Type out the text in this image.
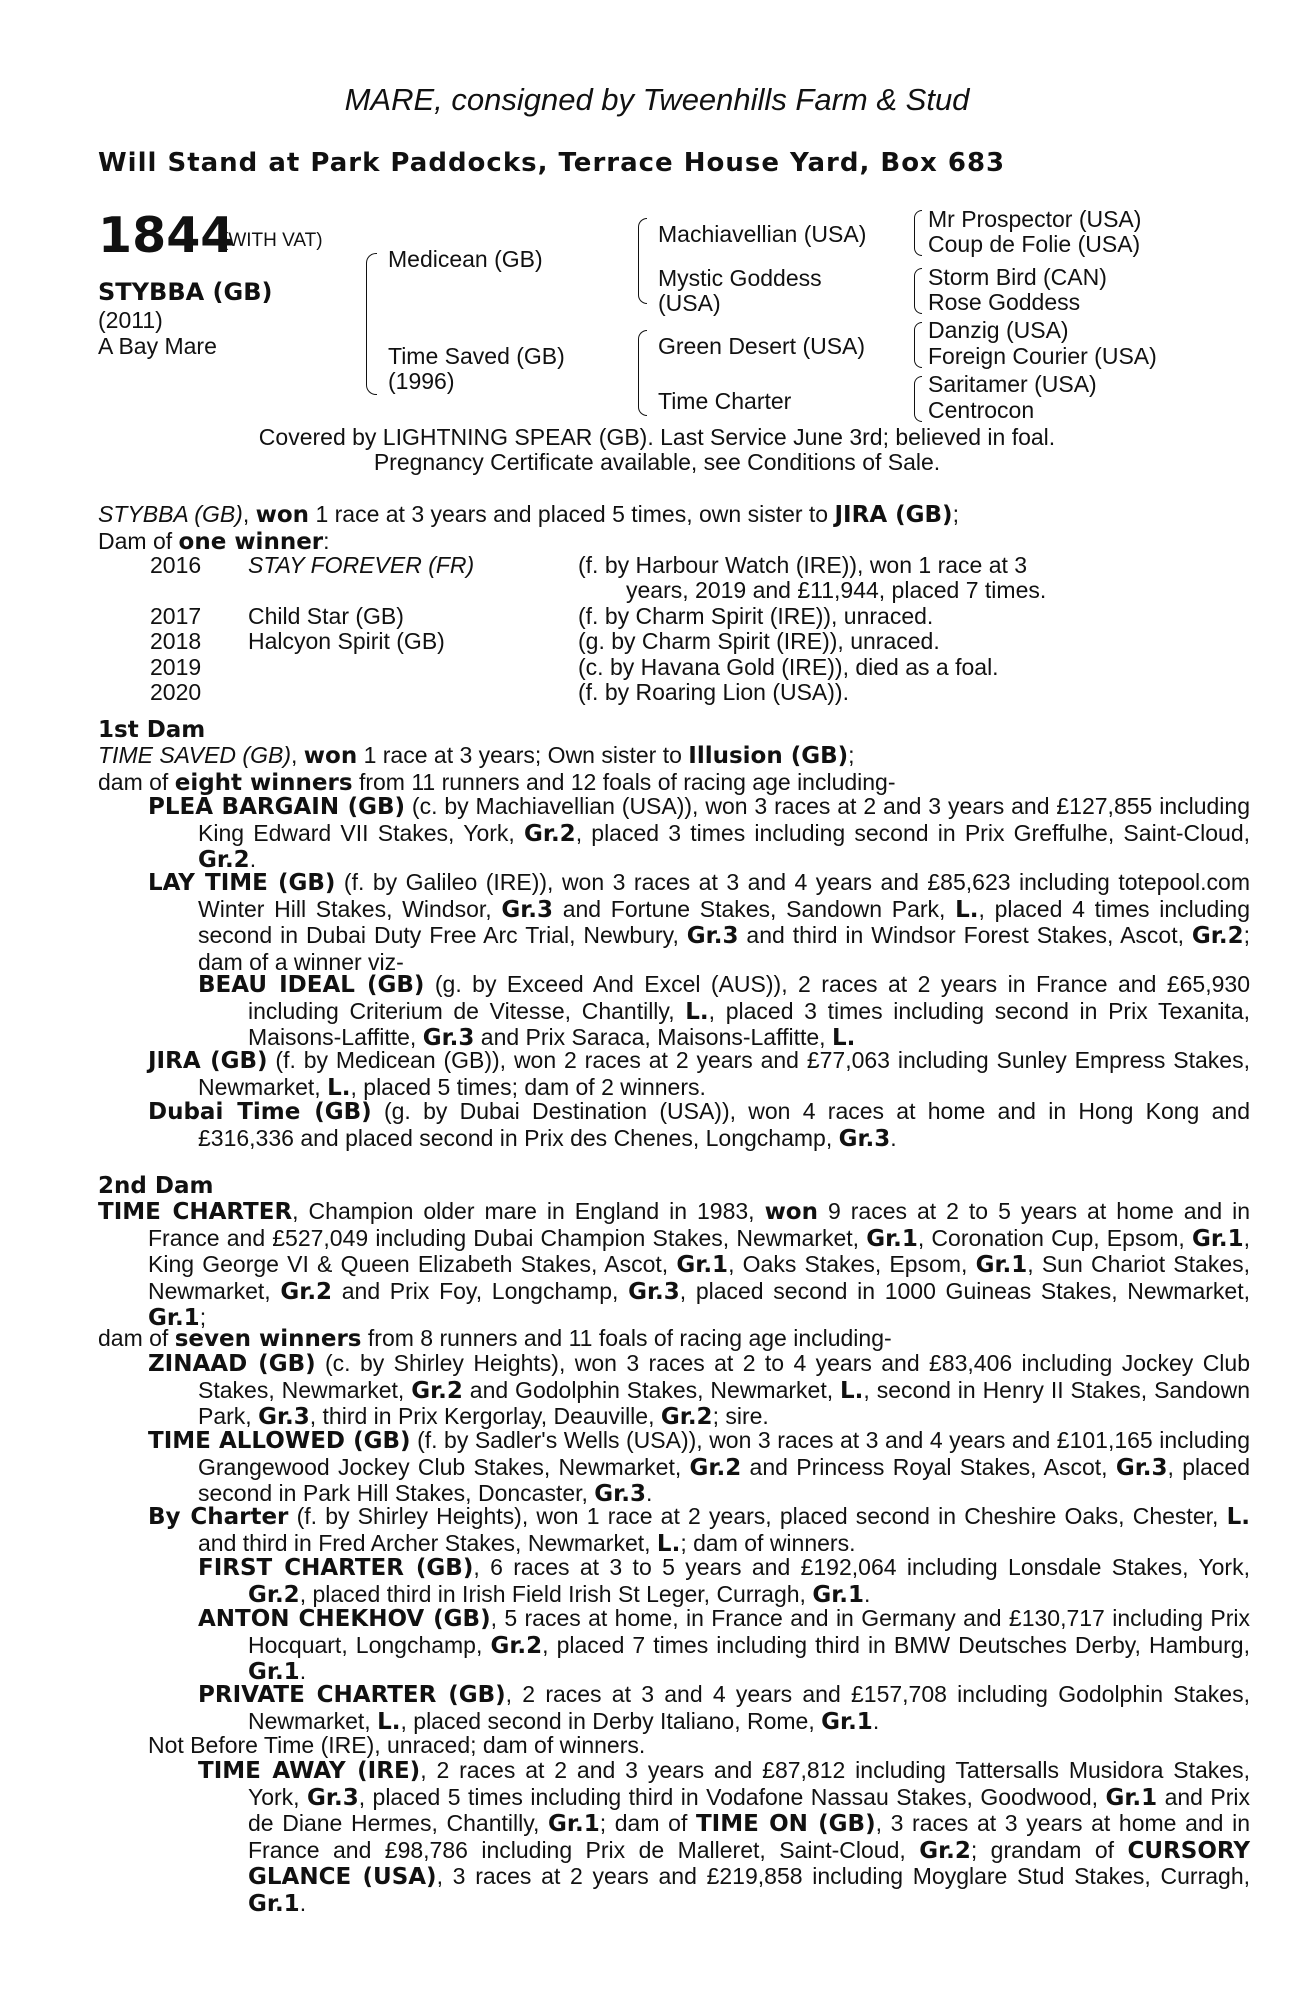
MARE, consigned by Tweenhills Farm & Stud
Will Stand at Park Paddocks, Terrace House Yard, Box 683
1844
(WITH VAT)
STYBBA (GB)
(2011)
A Bay Mare
Medicean (GB)
Time Saved (GB)
(1996)
Machiavellian (USA)
Mystic Goddess
(USA)
Green Desert (USA)
Time Charter
Mr Prospector (USA)
Coup de Folie (USA)
Storm Bird (CAN)
Rose Goddess
Danzig (USA)
Foreign Courier (USA)
Saritamer (USA)
Centrocon
Covered by LIGHTNING SPEAR (GB). Last Service June 3rd; believed in foal.
Pregnancy Certificate available, see Conditions of Sale.
STYBBA (GB), won 1 race at 3 years and placed 5 times, own sister to JIRA (GB);
Dam of one winner:
2016 STAY FOREVER (FR)	(f. by Harbour Watch (IRE)), won 1 race at 3
years, 2019 and £11,944, placed 7 times.
2017 Child Star (GB)	(f. by Charm Spirit (IRE)), unraced.
2018 Halcyon Spirit (GB)	(g. by Charm Spirit (IRE)), unraced.
2019	(c. by Havana Gold (IRE)), died as a foal.
2020	(f. by Roaring Lion (USA)).
1st Dam
TIME SAVED (GB), won 1 race at 3 years; Own sister to Illusion (GB);
dam of eight winners from 11 runners and 12 foals of racing age including-
PLEA BARGAIN (GB) (c. by Machiavellian (USA)), won 3 races at 2 and 3 years and £127,855 including King Edward VII Stakes, York, Gr.2, placed 3 times including second in Prix Greffulhe, Saint-Cloud, Gr.2.
LAY TIME (GB) (f. by Galileo (IRE)), won 3 races at 3 and 4 years and £85,623 including totepool.com Winter Hill Stakes, Windsor, Gr.3 and Fortune Stakes, Sandown Park, L., placed 4 times including second in Dubai Duty Free Arc Trial, Newbury, Gr.3 and third in Windsor Forest Stakes, Ascot, Gr.2; dam of a winner viz-
BEAU IDEAL (GB) (g. by Exceed And Excel (AUS)), 2 races at 2 years in France and £65,930 including Criterium de Vitesse, Chantilly, L., placed 3 times including second in Prix Texanita, Maisons-Laffitte, Gr.3 and Prix Saraca, Maisons-Laffitte, L.
JIRA (GB) (f. by Medicean (GB)), won 2 races at 2 years and £77,063 including Sunley Empress Stakes, Newmarket, L., placed 5 times; dam of 2 winners.
Dubai Time (GB) (g. by Dubai Destination (USA)), won 4 races at home and in Hong Kong and £316,336 and placed second in Prix des Chenes, Longchamp, Gr.3.
2nd Dam
TIME CHARTER, Champion older mare in England in 1983, won 9 races at 2 to 5 years at home and in France and £527,049 including Dubai Champion Stakes, Newmarket, Gr.1, Coronation Cup, Epsom, Gr.1, King George VI & Queen Elizabeth Stakes, Ascot, Gr.1, Oaks Stakes, Epsom, Gr.1, Sun Chariot Stakes, Newmarket, Gr.2 and Prix Foy, Longchamp, Gr.3, placed second in 1000 Guineas Stakes, Newmarket, Gr.1;
dam of seven winners from 8 runners and 11 foals of racing age including-
ZINAAD (GB) (c. by Shirley Heights), won 3 races at 2 to 4 years and £83,406 including Jockey Club Stakes, Newmarket, Gr.2 and Godolphin Stakes, Newmarket, L., second in Henry II Stakes, Sandown Park, Gr.3, third in Prix Kergorlay, Deauville, Gr.2; sire.
TIME ALLOWED (GB) (f. by Sadler's Wells (USA)), won 3 races at 3 and 4 years and £101,165 including Grangewood Jockey Club Stakes, Newmarket, Gr.2 and Princess Royal Stakes, Ascot, Gr.3, placed second in Park Hill Stakes, Doncaster, Gr.3.
By Charter (f. by Shirley Heights), won 1 race at 2 years, placed second in Cheshire Oaks, Chester, L. and third in Fred Archer Stakes, Newmarket, L.; dam of winners.
FIRST CHARTER (GB), 6 races at 3 to 5 years and £192,064 including Lonsdale Stakes, York, Gr.2, placed third in Irish Field Irish St Leger, Curragh, Gr.1.
ANTON CHEKHOV (GB), 5 races at home, in France and in Germany and £130,717 including Prix Hocquart, Longchamp, Gr.2, placed 7 times including third in BMW Deutsches Derby, Hamburg, Gr.1.
PRIVATE CHARTER (GB), 2 races at 3 and 4 years and £157,708 including Godolphin Stakes, Newmarket, L., placed second in Derby Italiano, Rome, Gr.1.
Not Before Time (IRE), unraced; dam of winners.
TIME AWAY (IRE), 2 races at 2 and 3 years and £87,812 including Tattersalls Musidora Stakes, York, Gr.3, placed 5 times including third in Vodafone Nassau Stakes, Goodwood, Gr.1 and Prix de Diane Hermes, Chantilly, Gr.1; dam of TIME ON (GB), 3 races at 3 years at home and in France and £98,786 including Prix de Malleret, Saint-Cloud, Gr.2; grandam of CURSORY GLANCE (USA), 3 races at 2 years and £219,858 including Moyglare Stud Stakes, Curragh, Gr.1.
